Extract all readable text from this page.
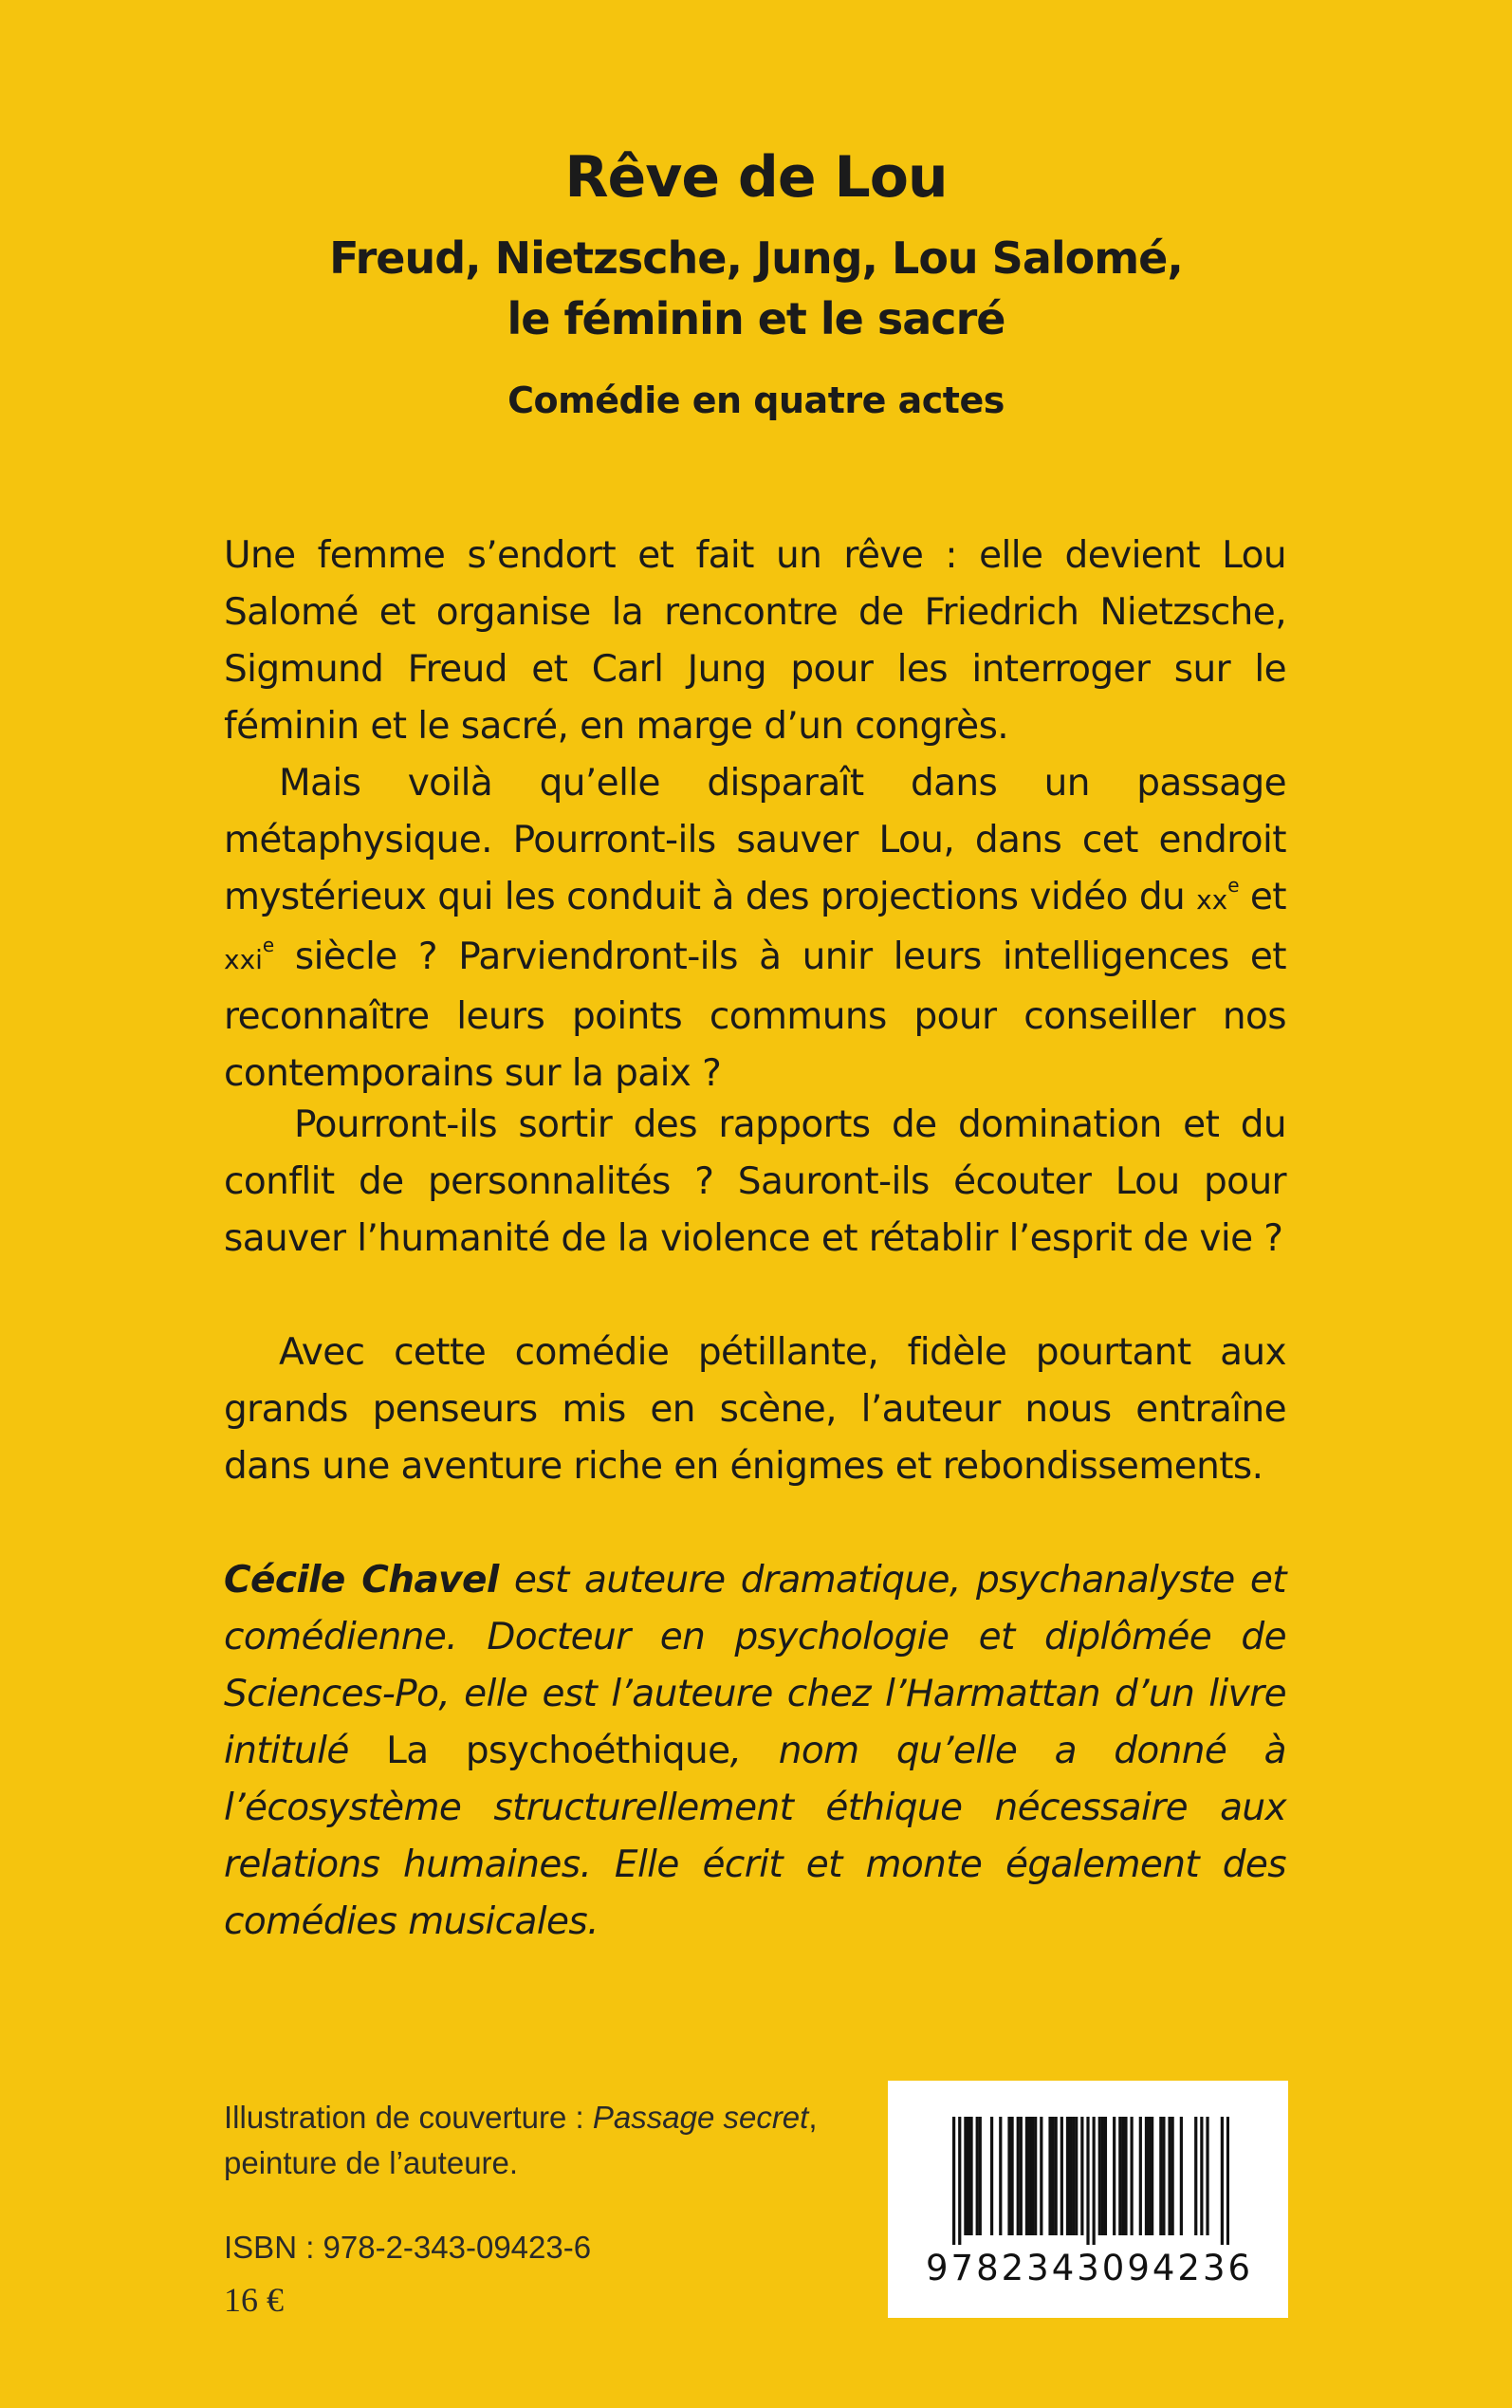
Rêve de Lou
Freud, Nietzsche, Jung, Lou Salomé,
le féminin et le sacré
Comédie en quatre actes

Une femme s’endort et fait un rêve : elle devient Lou Salomé et organise la rencontre de Friedrich Nietzsche, Sigmund Freud et Carl Jung pour les interroger sur le féminin et le sacré, en marge d’un congrès.

Mais voilà qu’elle disparaît dans un passage métaphysique. Pourront-ils sauver Lou, dans cet endroit mystérieux qui les conduit à des projections vidéo du $xx^e$ et xxi$^e$ siècle ? Parviendront-ils à unir leurs intelligences et reconnaître leurs points communs pour conseiller nos contemporains sur la paix ?

Pourront-ils sortir des rapports de domination et du conflit de personnalités ? Sauront-ils écouter Lou pour sauver l’humanité de la violence et rétablir l’esprit de vie ?

Avec cette comédie pétillante, fidèle pourtant aux grands penseurs mis en scène, l’auteur nous entraîne dans une aventure riche en énigmes et rebondissements.

Cécile Chavel est auteure dramatique, psychanalyste et comédienne. Docteur en psychologie et diplômée de Sciences-Po, elle est l’auteure chez l’Harmattan d’un livre intitulé La psychoéthique, nom qu’elle a donné à l’écosystème structurellement éthique nécessaire aux relations humaines. Elle écrit et monte également des comédies musicales.

Illustration de couverture : Passage secret,
peinture de l’auteure.
ISBN : 978-2-343-09423-6
16 €
9782343094236
